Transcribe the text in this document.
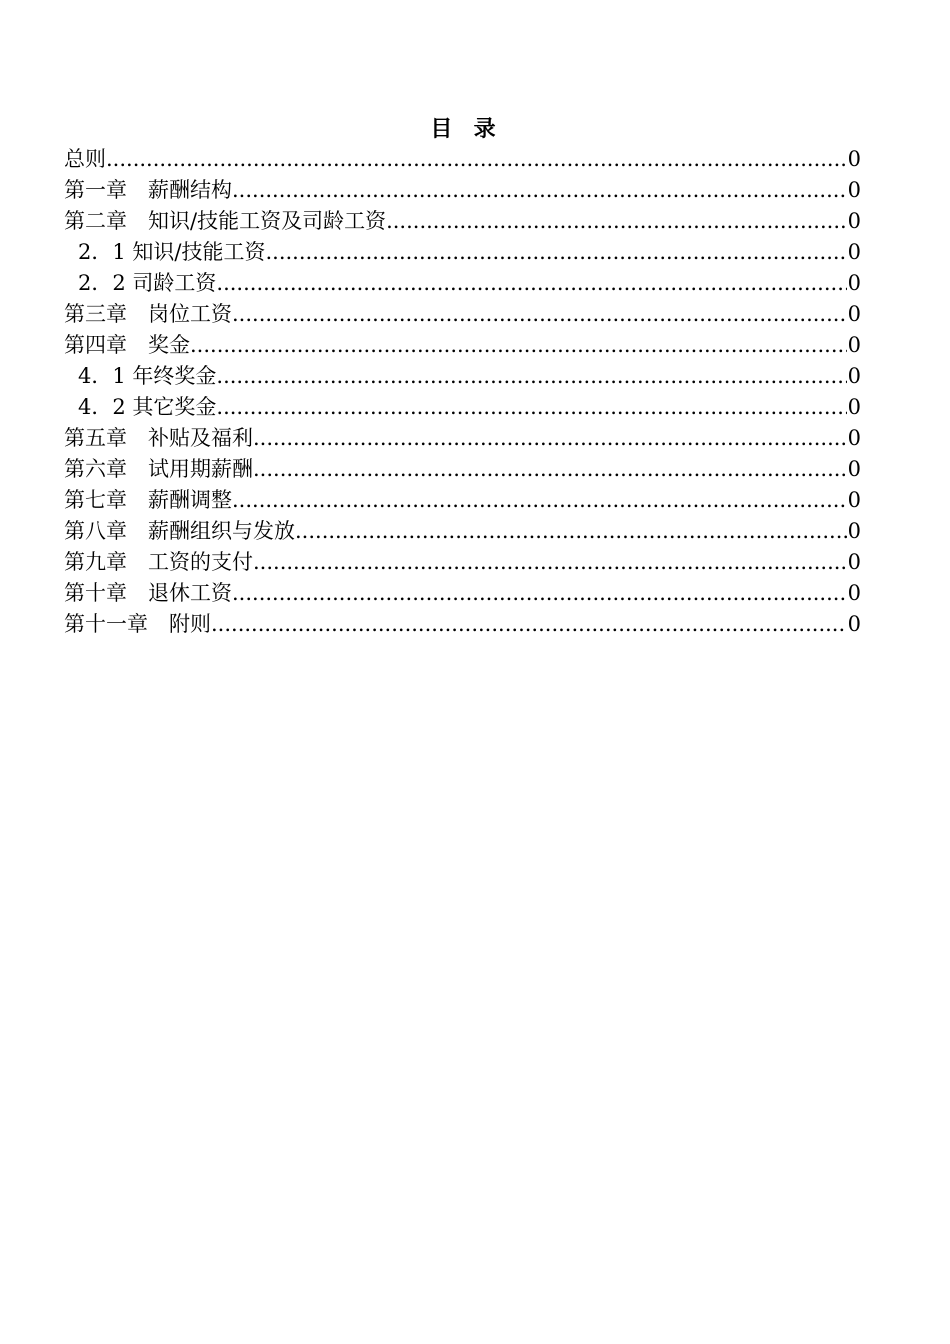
目  录
总则 .....	0
第一章　薪酬结构 .....	0
第二章　知识/技能工资及司龄工资 .....	0
2．1 知识/技能工资 .....	0
2．2 司龄工资 .....	0
第三章　岗位工资 .....	0
第四章　奖金 .....	0
4．1 年终奖金 .....	0
4．2 其它奖金 .....	0
第五章　补贴及福利 .....	0
第六章　试用期薪酬 .....	0
第七章　薪酬调整 .....	0
第八章　薪酬组织与发放 .....	0
第九章　工资的支付 .....	0
第十章　退休工资 .....	0
第十一章　附则 .....	0
